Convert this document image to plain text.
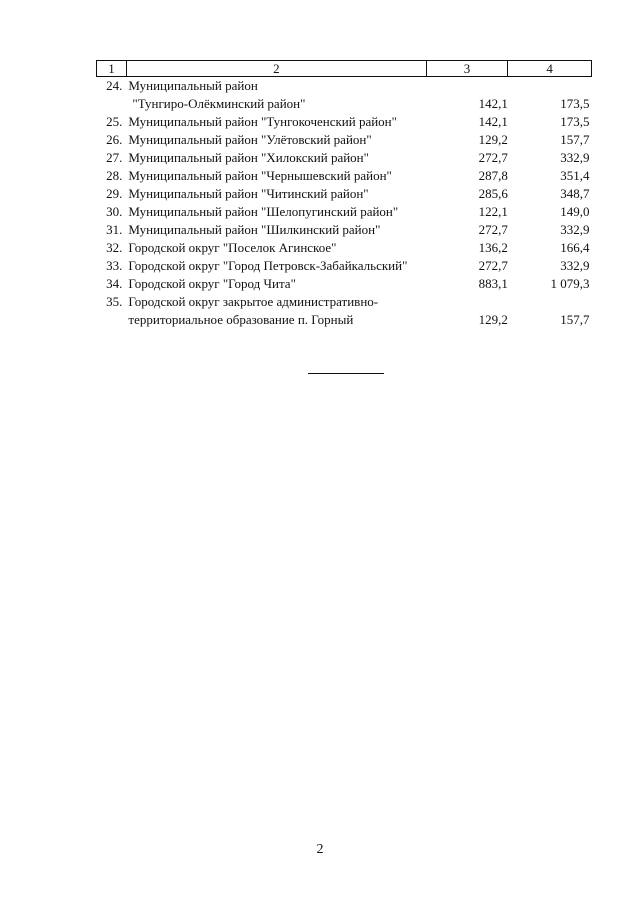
1	2	3	4
24.	Муниципальный район
"Тунгиро-Олёкминский район"	142,1	173,5
25.	Муниципальный район "Тунгокоченский район"	142,1	173,5
26.	Муниципальный район "Улётовский район"	129,2	157,7
27.	Муниципальный район "Хилокский район"	272,7	332,9
28.	Муниципальный район "Чернышевский район"	287,8	351,4
29.	Муниципальный район "Читинский район"	285,6	348,7
30.	Муниципальный район "Шелопугинский район"	122,1	149,0
31.	Муниципальный район "Шилкинский район"	272,7	332,9
32.	Городской округ "Поселок Агинское"	136,2	166,4
33.	Городской округ "Город Петровск-Забайкальский"	272,7	332,9
34.	Городской округ "Город Чита"	883,1	1 079,3
35.	Городской округ закрытое административно-
территориальное образование п. Горный	129,2	157,7
2
